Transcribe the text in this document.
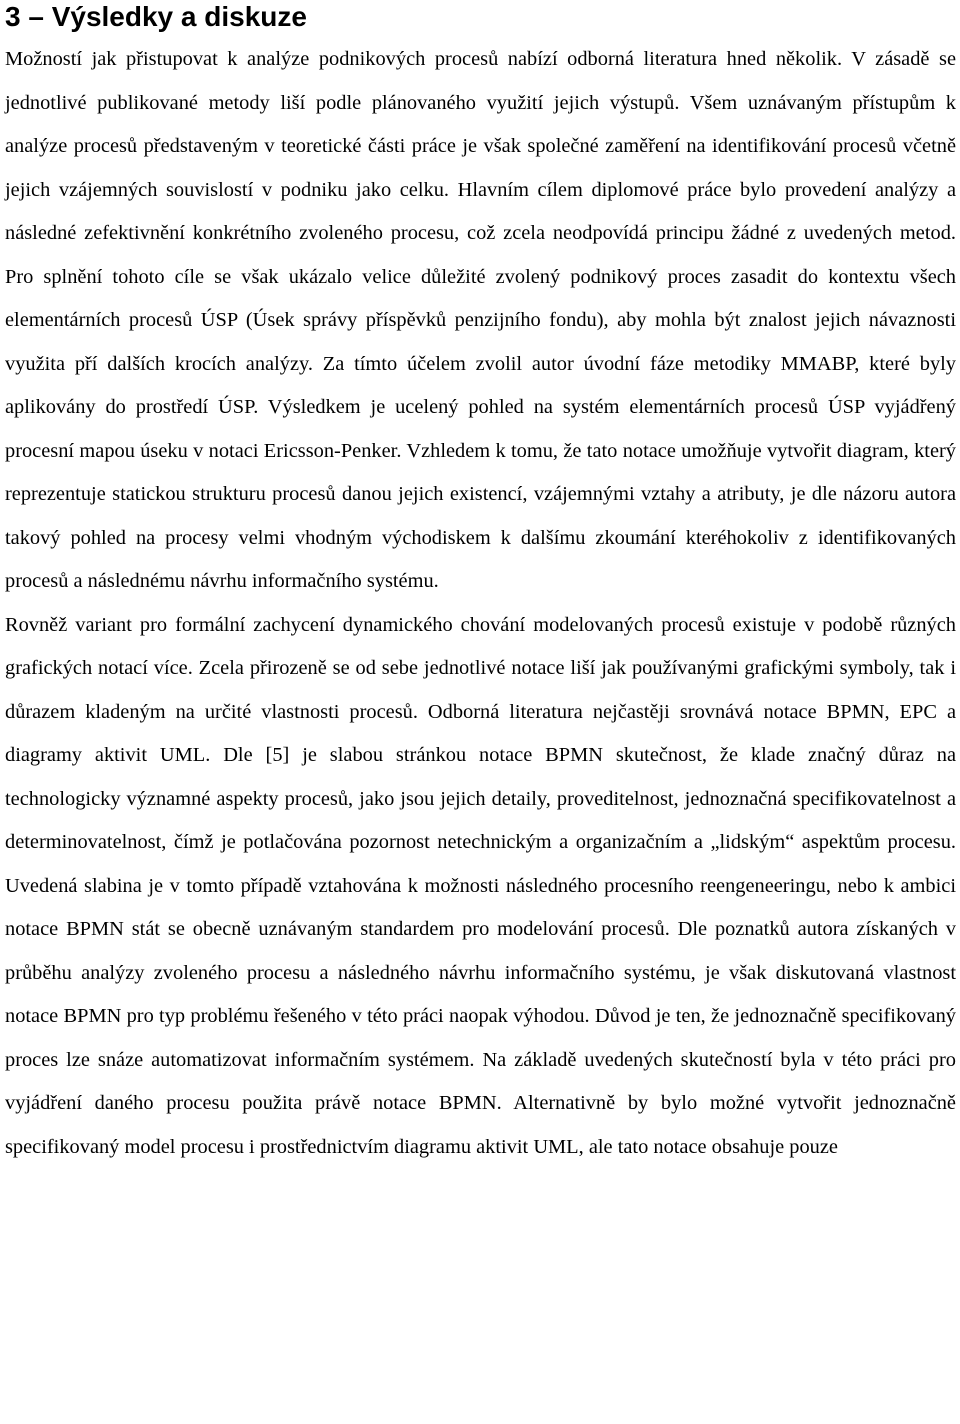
3 – Výsledky a diskuze

Možností jak přistupovat k analýze podnikových procesů nabízí odborná literatura hned několik. V zásadě se jednotlivé publikované metody liší podle plánovaného využití jejich výstupů. Všem uznávaným přístupům k analýze procesů představeným v teoretické části práce je však společné zaměření na identifikování procesů včetně jejich vzájemných souvislostí v podniku jako celku. Hlavním cílem diplomové práce bylo provedení analýzy a následné zefektivnění konkrétního zvoleného procesu, což zcela neodpovídá principu žádné z uvedených metod. Pro splnění tohoto cíle se však ukázalo velice důležité zvolený podnikový proces zasadit do kontextu všech elementárních procesů ÚSP (Úsek správy příspěvků penzijního fondu), aby mohla být znalost jejich návaznosti využita pří dalších krocích analýzy. Za tímto účelem zvolil autor úvodní fáze metodiky MMABP, které byly aplikovány do prostředí ÚSP. Výsledkem je ucelený pohled na systém elementárních procesů ÚSP vyjádřený procesní mapou úseku v notaci Ericsson-Penker. Vzhledem k tomu, že tato notace umožňuje vytvořit diagram, který reprezentuje statickou strukturu procesů danou jejich existencí, vzájemnými vztahy a atributy, je dle názoru autora takový pohled na procesy velmi vhodným východiskem k dalšímu zkoumání kteréhokoliv z identifikovaných procesů a následnému návrhu informačního systému.

Rovněž variant pro formální zachycení dynamického chování modelovaných procesů existuje v podobě různých grafických notací více. Zcela přirozeně se od sebe jednotlivé notace liší jak používanými grafickými symboly, tak i důrazem kladeným na určité vlastnosti procesů. Odborná literatura nejčastěji srovnává notace BPMN, EPC a diagramy aktivit UML. Dle [5] je slabou stránkou notace BPMN skutečnost, že klade značný důraz na technologicky významné aspekty procesů, jako jsou jejich detaily, proveditelnost, jednoznačná specifikovatelnost a determinovatelnost, čímž je potlačována pozornost netechnickým a organizačním a „lidským“ aspektům procesu. Uvedená slabina je v tomto případě vztahována k možnosti následného procesního reengeneeringu, nebo k ambici notace BPMN stát se obecně uznávaným standardem pro modelování procesů. Dle poznatků autora získaných v průběhu analýzy zvoleného procesu a následného návrhu informačního systému, je však diskutovaná vlastnost notace BPMN pro typ problému řešeného v této práci naopak výhodou. Důvod je ten, že jednoznačně specifikovaný proces lze snáze automatizovat informačním systémem. Na základě uvedených skutečností byla v této práci pro vyjádření daného procesu použita právě notace BPMN. Alternativně by bylo možné vytvořit jednoznačně specifikovaný model procesu i prostřednictvím diagramu aktivit UML, ale tato notace obsahuje pouze
